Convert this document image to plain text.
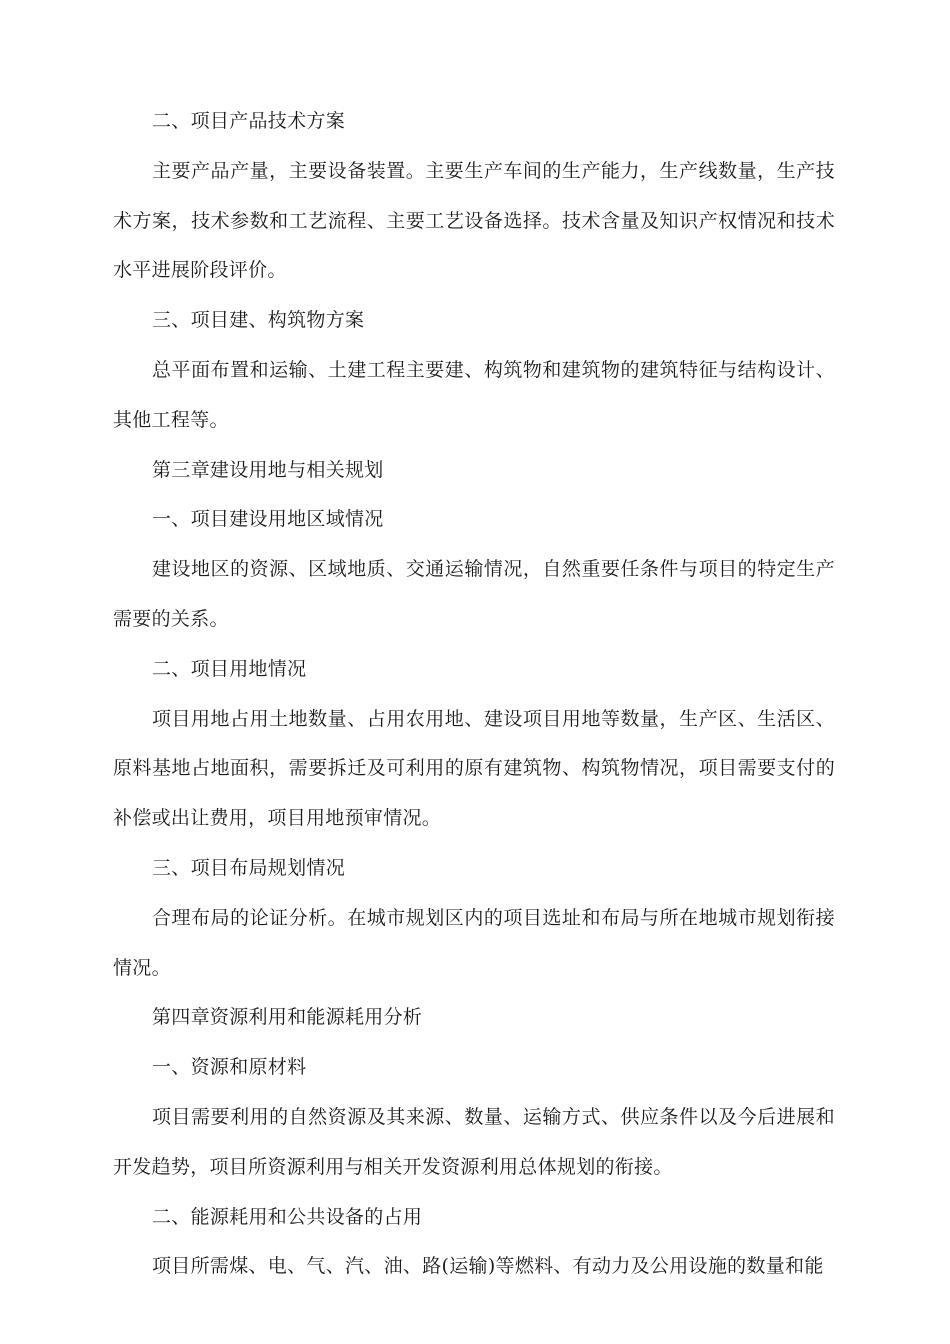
二、项目产品技术方案

主要产品产量，主要设备装置。主要生产车间的生产能力，生产线数量，生产技术方案，技术参数和工艺流程、主要工艺设备选择。技术含量及知识产权情况和技术水平进展阶段评价。

三、项目建、构筑物方案

总平面布置和运输、土建工程主要建、构筑物和建筑物的建筑特征与结构设计、其他工程等。

第三章建设用地与相关规划

一、项目建设用地区域情况

建设地区的资源、区域地质、交通运输情况，自然重要任条件与项目的特定生产需要的关系。

二、项目用地情况

项目用地占用土地数量、占用农用地、建设项目用地等数量，生产区、生活区、原料基地占地面积，需要拆迁及可利用的原有建筑物、构筑物情况，项目需要支付的补偿或出让费用，项目用地预审情况。

三、项目布局规划情况

合理布局的论证分析。在城市规划区内的项目选址和布局与所在地城市规划衔接情况。

第四章资源利用和能源耗用分析

一、资源和原材料

项目需要利用的自然资源及其来源、数量、运输方式、供应条件以及今后进展和开发趋势，项目所资源利用与相关开发资源利用总体规划的衔接。

二、能源耗用和公共设备的占用

项目所需煤、电、气、汽、油、路(运输)等燃料、有动力及公用设施的数量和能
